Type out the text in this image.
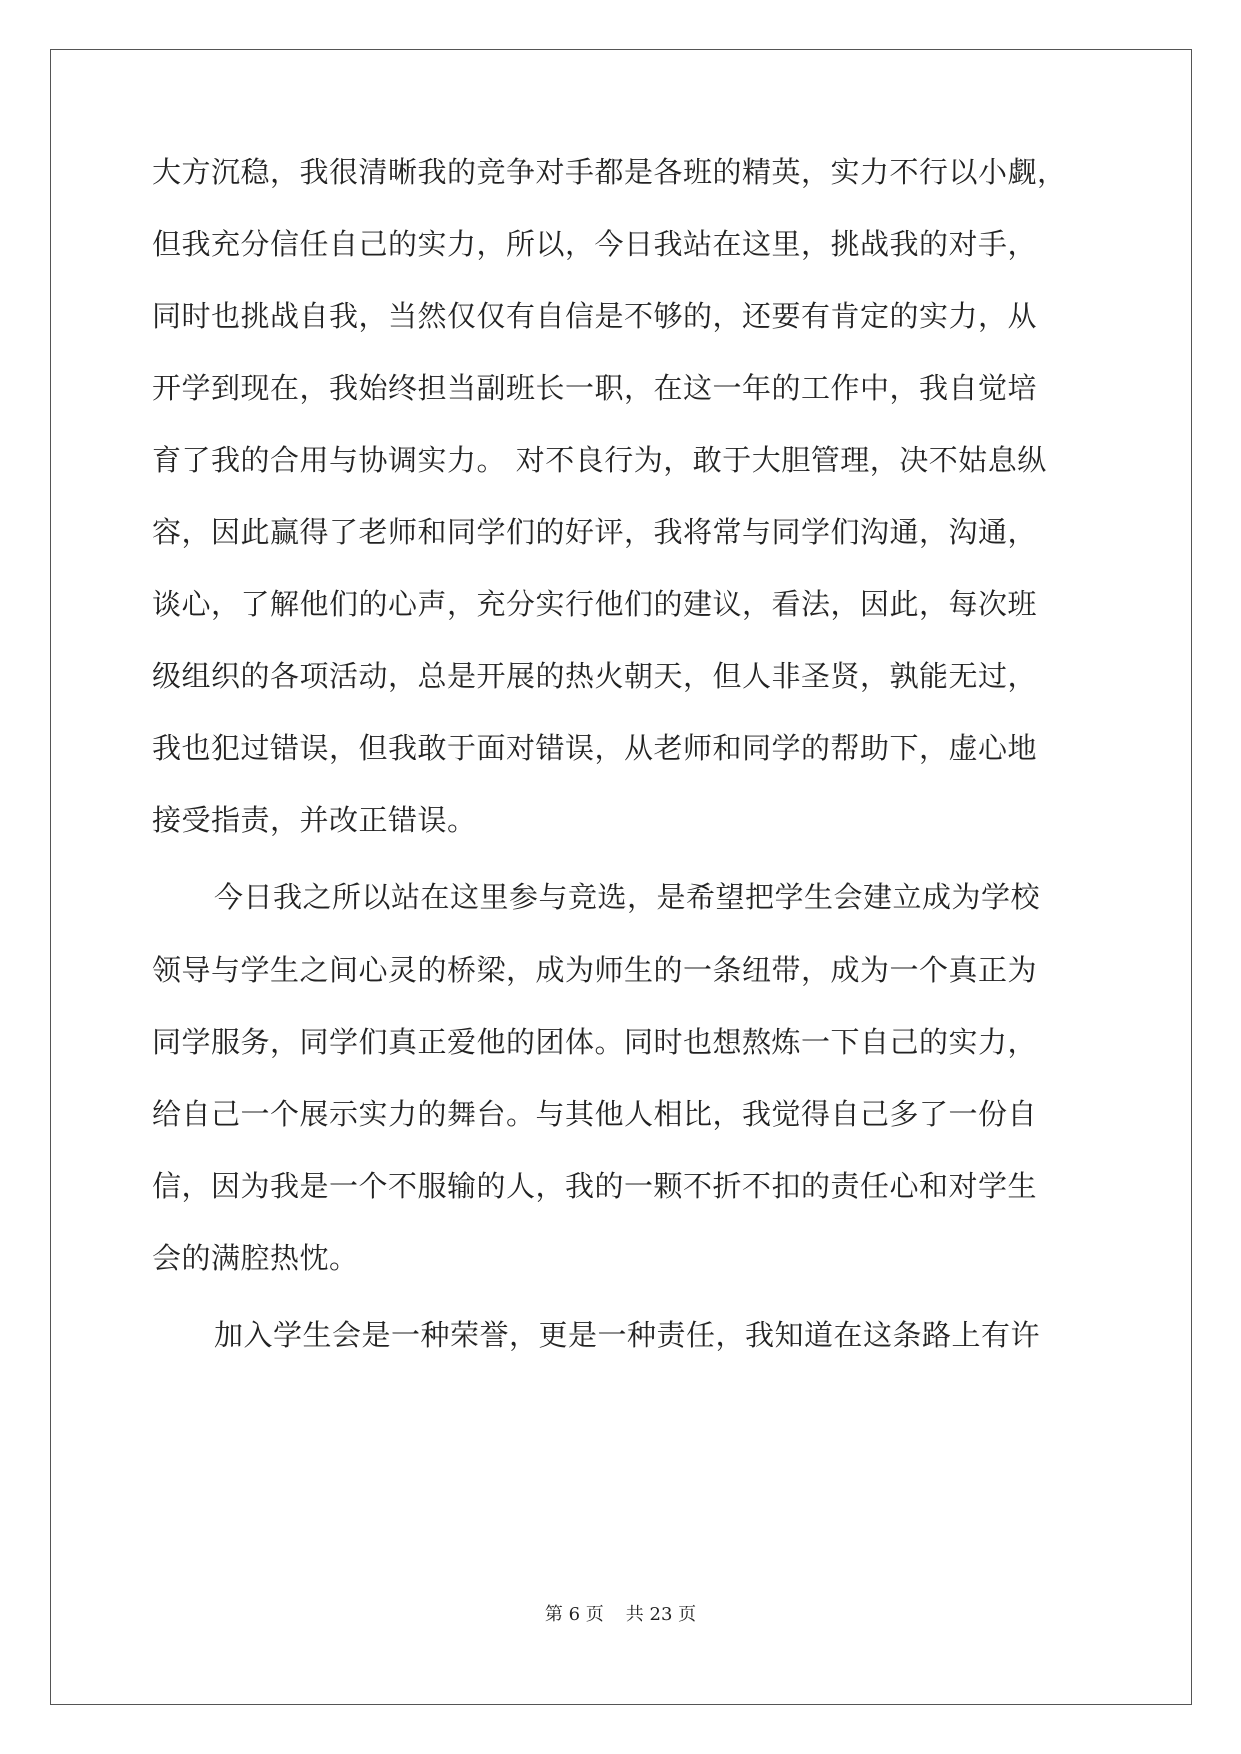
大方沉稳，我很清晰我的竞争对手都是各班的精英，实力不行以小觑，
但我充分信任自己的实力，所以，今日我站在这里，挑战我的对手，
同时也挑战自我，当然仅仅有自信是不够的，还要有肯定的实力，从
开学到现在，我始终担当副班长一职，在这一年的工作中，我自觉培
育了我的合用与协调实力。 对不良行为，敢于大胆管理，决不姑息纵
容，因此赢得了老师和同学们的好评，我将常与同学们沟通，沟通，
谈心，了解他们的心声，充分实行他们的建议，看法，因此，每次班
级组织的各项活动，总是开展的热火朝天，但人非圣贤，孰能无过，
我也犯过错误，但我敢于面对错误，从老师和同学的帮助下，虚心地
接受指责，并改正错误。
今日我之所以站在这里参与竞选，是希望把学生会建立成为学校
领导与学生之间心灵的桥梁，成为师生的一条纽带，成为一个真正为
同学服务，同学们真正爱他的团体。同时也想熬炼一下自己的实力，
给自己一个展示实力的舞台。与其他人相比，我觉得自己多了一份自
信，因为我是一个不服输的人，我的一颗不折不扣的责任心和对学生
会的满腔热忱。
加入学生会是一种荣誉，更是一种责任，我知道在这条路上有许
第 6 页 共 23 页
